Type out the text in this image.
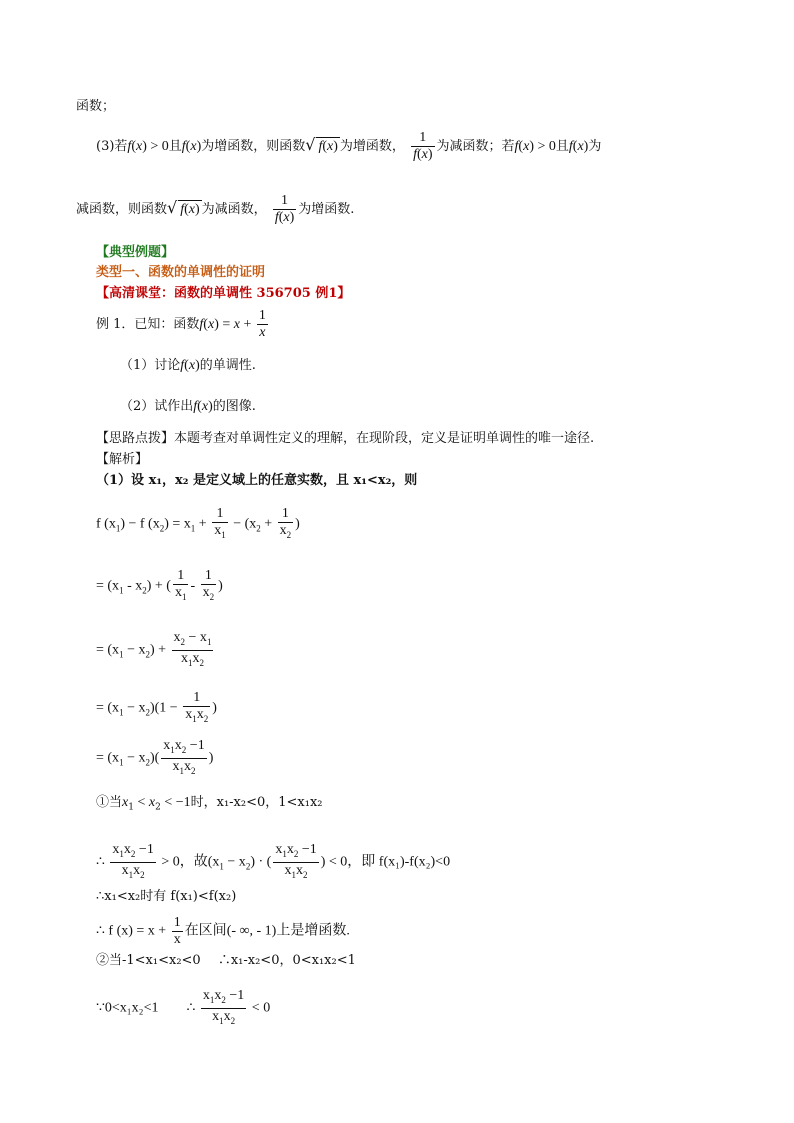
函数；
(3)若f(x) > 0且f(x)为增函数，则函数√ f(x) 为增函数， $\frac{1}{f(x)}$ 为减函数；若f(x) > 0且f(x)为
减函数，则函数√ f(x) 为减函数， $\frac{1}{f(x)}$ 为增函数.
【典型例题】
类型一、函数的单调性的证明
【高清课堂：函数的单调性 356705 例1】
例 1．已知：函数$f(x) = x + \frac{1}{x}$
（1）讨论f(x)的单调性.
（2）试作出f(x)的图像.
【思路点拨】本题考查对单调性定义的理解，在现阶段，定义是证明单调性的唯一途径.
【解析】
（1）设 x₁，x₂ 是定义域上的任意实数，且 x₁<x₂，则
f $(x_1) - f$ $(x_2) = x_1 + \frac{1}{x_1} - (x_2 + \frac{1}{x_2}$ )
= $(x_1 - x_2)$ + ( $\frac{1}{x_1} - \frac{1}{x_2}$ )
= $(x_1 - x_2) + \frac{x_2 - x_1}{x_1x_2}$
= $(x_1 - x_2)(1 - \frac{1}{x_1x_2}$ )
= $(x_1 - x_2)( \frac{x_1x_2 -1}{x_1x_2}$ )
①当$x_1 < x_2 < -1$时，x₁-x₂<0，1<x₁x₂
∴ $\frac{x_1x_2 -1}{x_1x_2} > 0$，故$(x_1 - x_2)$ · ( $\frac{x_1x_2 -1}{x_1x_2}$ ) < 0，即 f(x₁)-f(x₂)<0
∴x₁<x₂时有 f(x₁)<f(x₂)
∴ f $(x) = x + \frac{1}{x}$ 在区间(- ∞, - 1)上是增函数.
②当-1<x₁<x₂<0　 ∴x₁-x₂<0，0<x₁x₂<1
∵0<x₁x₂<1　　∴ $\frac{x_1x_2 -1}{x_1x_2} < 0$
